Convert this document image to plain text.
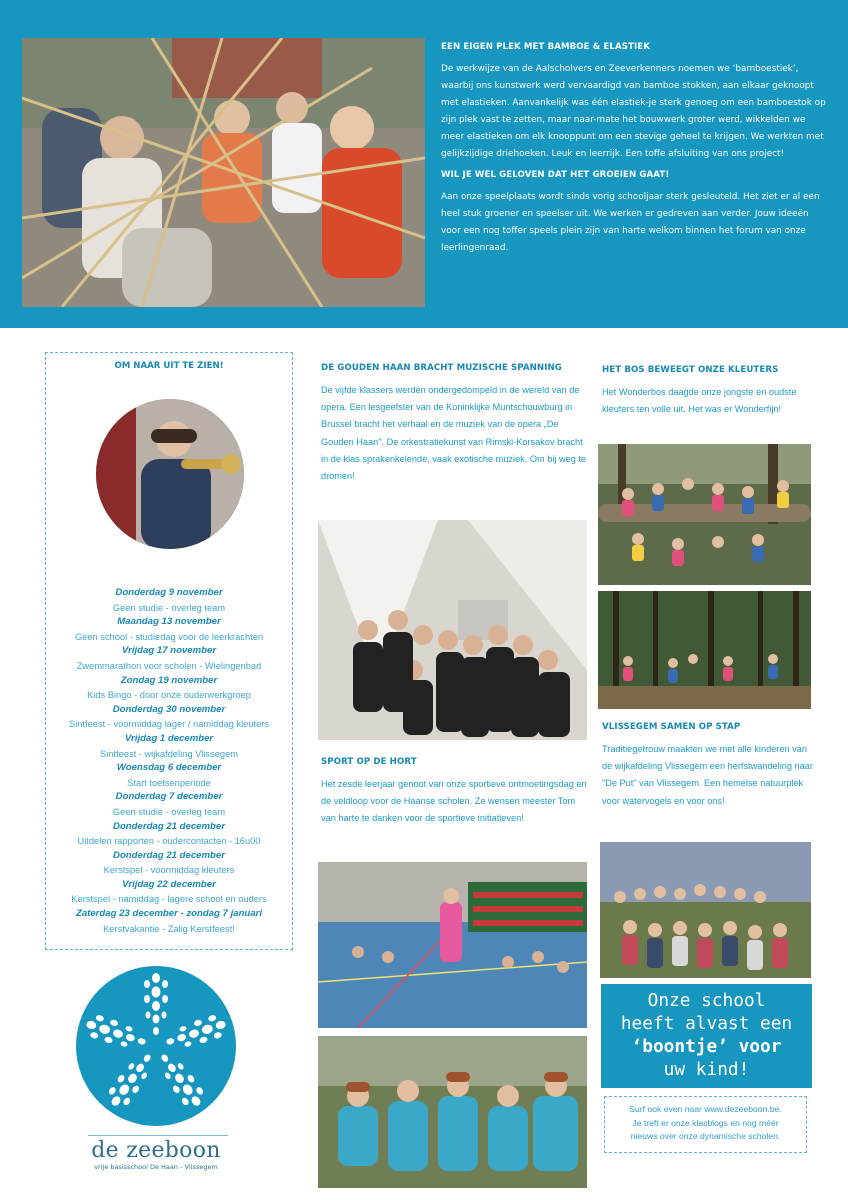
EEN EIGEN PLEK MET BAMBOE & ELASTIEK

De werkwijze van de Aalscholvers en Zeeverkenners noemen we ‘bamboestiek’, waarbij ons kunstwerk werd vervaardigd van bamboe stokken, aan elkaar geknoopt met elastieken. Aanvankelijk was één elastiek-je sterk genoeg om een bamboestok op zijn plek vast te zetten, maar naar-mate het bouwwerk groter werd, wikkelden we meer elastieken om elk knooppunt om een stevige geheel te krijgen. We werkten met gelijkzijdige driehoeken. Leuk en leerrijk. Een toffe afsluiting van ons project!

WIL JE WEL GELOVEN DAT HET GROEIEN GAAT!

Aan onze speelplaats wordt sinds vorig schooljaar sterk gesleuteld. Het ziet er al een heel stuk groener en speelser uit. We werken er gedreven aan verder. Jouw ideeën voor een nog toffer speels plein zijn van harte welkom binnen het forum van onze leerlingenraad.

OM NAAR UIT TE ZIEN!
Donderdag 9 november
Geen studie - overleg team
Maandag 13 november
Geen school - studiedag voor de leerkrachten
Vrijdag 17 november
Zwemmarathon voor scholen - Wielingenbad
Zondag 19 november
Kids Bingo - door onze ouderwerkgroep
Donderdag 30 november
Sintfeest - voormiddag lager / namiddag kleuters
Vrijdag 1 december
Sintfeest - wijkafdeling Vlissegem
Woensdag 6 december
Start toetsenperiode
Donderdag 7 december
Geen studie - overleg team
Donderdag 21 december
Uitdelen rapporten - oudercontacten - 16u00
Donderdag 21 december
Kerstspel - voormiddag kleuters
Vrijdag 22 december
Kerstspel - namiddag - lagere school en ouders
Zaterdag 23 december - zondag 7 januari
Kerstvakantie - Zalig Kerstfeest!
de zeeboon
vrije basisschool De Haan - Vlissegem
DE GOUDEN HAAN BRACHT MUZISCHE SPANNING
De vijfde klassers werden ondergedompeld in de wereld van de opera. Een lesgeefster van de Koninklijke Muntschouwburg in Brussel bracht het verhaal en de muziek van de opera „De Gouden Haan". De orkestratiekunst van Rimski-Korsakov bracht in de klas sprakenkelende, vaak exotische muziek. Om bij weg te dromen!
SPORT OP DE HORT
Het zesde leerjaar genoot van onze sportieve ontmoetingsdag en de veldloop voor de Haanse scholen. Ze wensen meester Tom van harte te danken voor de sportieve initiatieven!
HET BOS BEWEEGT ONZE KLEUTERS
Het Wonderbos daagde onze jongste en oudste kleuters ten volle uit. Het was er Wonderfijn!
VLISSEGEM SAMEN OP STAP
Traditiegetrouw maakten we met alle kinderen van de wijkafdeling Vlissegem een herfstwandeling naar "De Put" van Vlissegem. Een hemelse natuurplek voor watervogels en voor ons!
Onze school
heeft alvast een
‘boontje’ voor
uw kind!
Surf ook even naar www.dezeeboon.be.
Je treft er onze klasblogs en nog méér
nieuws over onze dynamische scholen.
